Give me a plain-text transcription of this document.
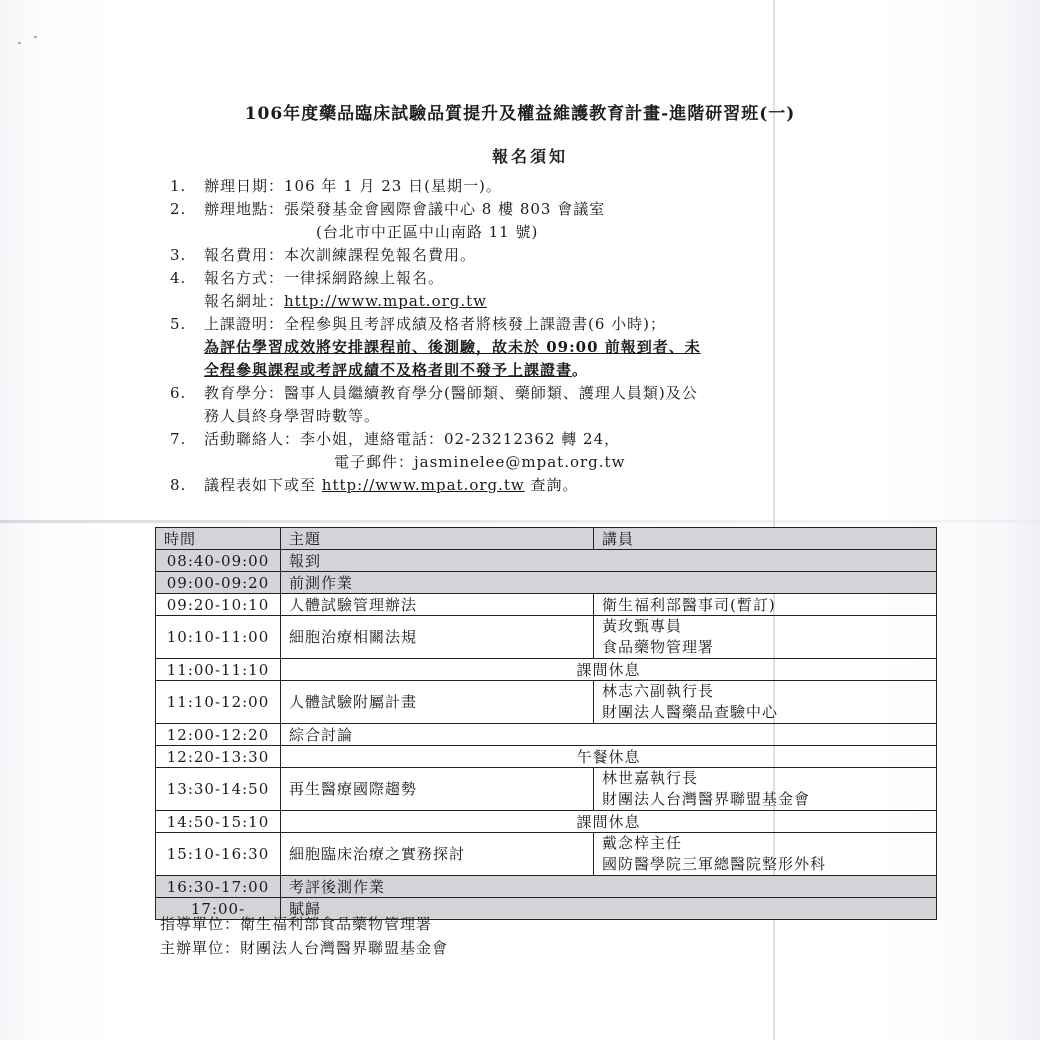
106年度藥品臨床試驗品質提升及權益維護教育計畫-進階研習班(一)
報名須知
1.	辦理日期：106 年 1 月 23 日(星期一)。
2.	辦理地點：張榮發基金會國際會議中心 8 樓 803 會議室
(台北市中正區中山南路 11 號)
3.	報名費用：本次訓練課程免報名費用。
4.	報名方式：一律採網路線上報名。
報名網址：http://www.mpat.org.tw
5.	上課證明：全程參與且考評成績及格者將核發上課證書(6 小時)；
為評估學習成效將安排課程前、後測驗，故未於 09:00 前報到者、未
全程參與課程或考評成績不及格者則不發予上課證書。
6.	教育學分：醫事人員繼續教育學分(醫師類、藥師類、護理人員類)及公
務人員終身學習時數等。
7.	活動聯絡人：李小姐，連絡電話：02-23212362 轉 24，
電子郵件：jasminelee@mpat.org.tw
8.	議程表如下或至 http://www.mpat.org.tw 查詢。
時間	主題	講員
08:40-09:00	報到	
09:00-09:20	前測作業	
09:20-10:10	人體試驗管理辦法	衛生福利部醫事司(暫訂)
10:10-11:00	細胞治療相關法規	黃玫甄專員
食品藥物管理署

11:00-11:10	課間休息	
11:10-12:00	人體試驗附屬計畫	林志六副執行長
財團法人醫藥品查驗中心

12:00-12:20	綜合討論	
12:20-13:30	午餐休息	
13:30-14:50	再生醫療國際趨勢	林世嘉執行長
財團法人台灣醫界聯盟基金會

14:50-15:10	課間休息	
15:10-16:30	細胞臨床治療之實務探討	戴念梓主任
國防醫學院三軍總醫院整形外科

16:30-17:00	考評後測作業	
17:00-	賦歸	
指導單位：衛生福利部食品藥物管理署
主辦單位：財團法人台灣醫界聯盟基金會
